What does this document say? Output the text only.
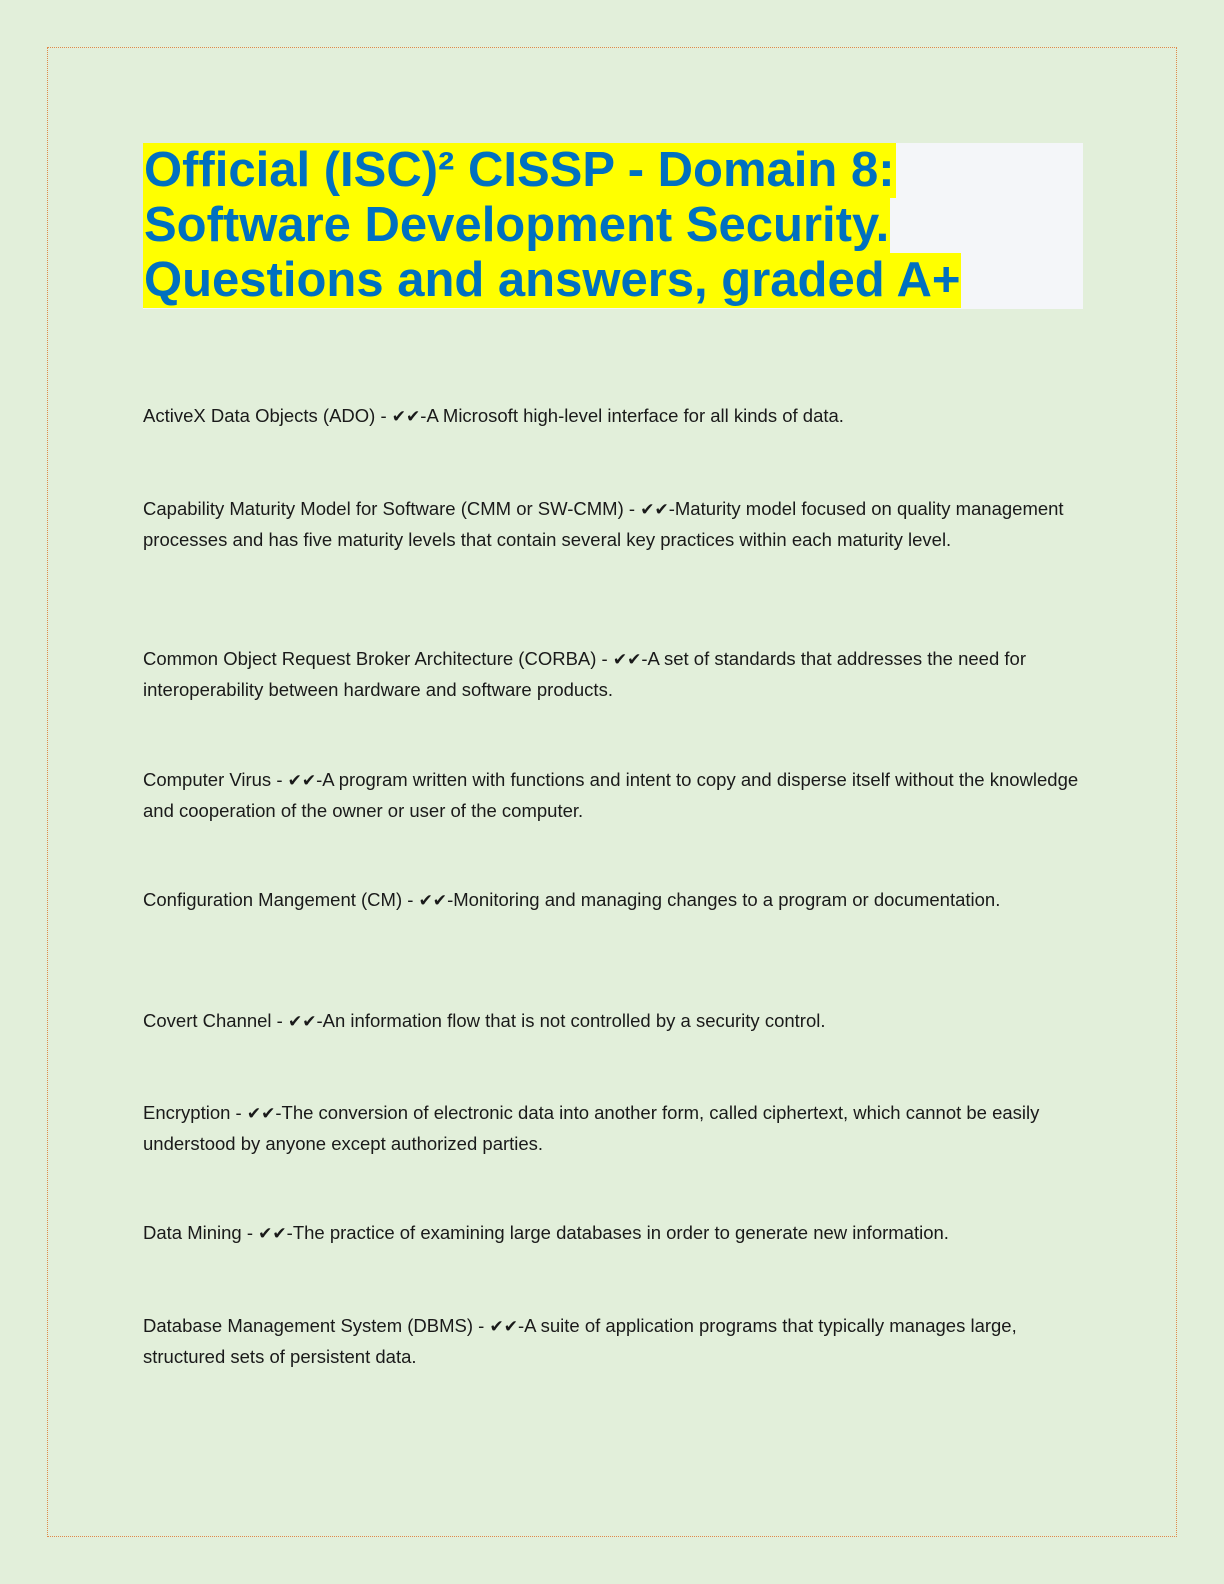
Official (ISC)² CISSP - Domain 8:
Software Development Security.
Questions and answers, graded A+
ActiveX Data Objects (ADO) - ✔✔-A Microsoft high-level interface for all kinds of data.
Capability Maturity Model for Software (CMM or SW-CMM) - ✔✔-Maturity model focused on quality management processes and has five maturity levels that contain several key practices within each maturity level.
Common Object Request Broker Architecture (CORBA) - ✔✔-A set of standards that addresses the need for interoperability between hardware and software products.
Computer Virus - ✔✔-A program written with functions and intent to copy and disperse itself without the knowledge and cooperation of the owner or user of the computer.
Configuration Mangement (CM) - ✔✔-Monitoring and managing changes to a program or documentation.
Covert Channel - ✔✔-An information flow that is not controlled by a security control.
Encryption - ✔✔-The conversion of electronic data into another form, called ciphertext, which cannot be easily understood by anyone except authorized parties.
Data Mining - ✔✔-The practice of examining large databases in order to generate new information.
Database Management System (DBMS) - ✔✔-A suite of application programs that typically manages large, structured sets of persistent data.
